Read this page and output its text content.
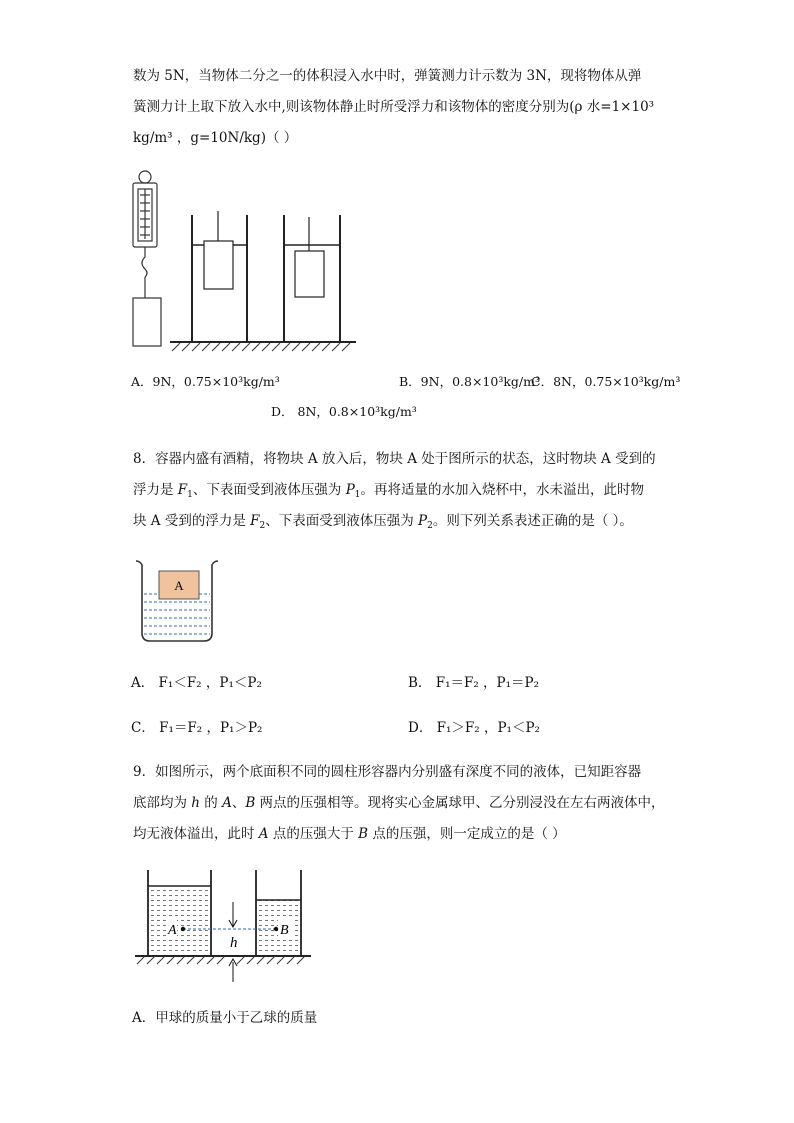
数为 5N，当物体二分之一的体积浸入水中时，弹簧测力计示数为 3N，现将物体从弹
簧测力计上取下放入水中,则该物体静止时所受浮力和该物体的密度分别为(ρ 水=1×10³
kg/m³ ，g=10N/kg)（ ）
A．9N，0.75×10³kg/m³	B．9N，0.8×10³kg/m³
C．8N，0.75×10³kg/m³
D． 8N，0.8×10³kg/m³
8．容器内盛有酒精，将物块 A 放入后，物块 A 处于图所示的状态，这时物块 A 受到的
浮力是 $F_1$、下表面受到液体压强为 $P_1$。再将适量的水加入烧杯中，水未溢出，此时物
块 A 受到的浮力是 $F_2$、下表面受到液体压强为 $P_2$。则下列关系表述正确的是（ ）。
A
A． F₁＜F₂ ，P₁＜P₂	B． F₁＝F₂ ，P₁＝P₂
C． F₁＝F₂ ，P₁＞P₂	D． F₁＞F₂ ，P₁＜P₂
9．如图所示，两个底面积不同的圆柱形容器内分别盛有深度不同的液体，已知距容器
底部均为 h 的 A、B 两点的压强相等。现将实心金属球甲、乙分别浸没在左右两液体中，
均无液体溢出，此时 A 点的压强大于 B 点的压强，则一定成立的是（ ）
A	B
h
A．甲球的质量小于乙球的质量
